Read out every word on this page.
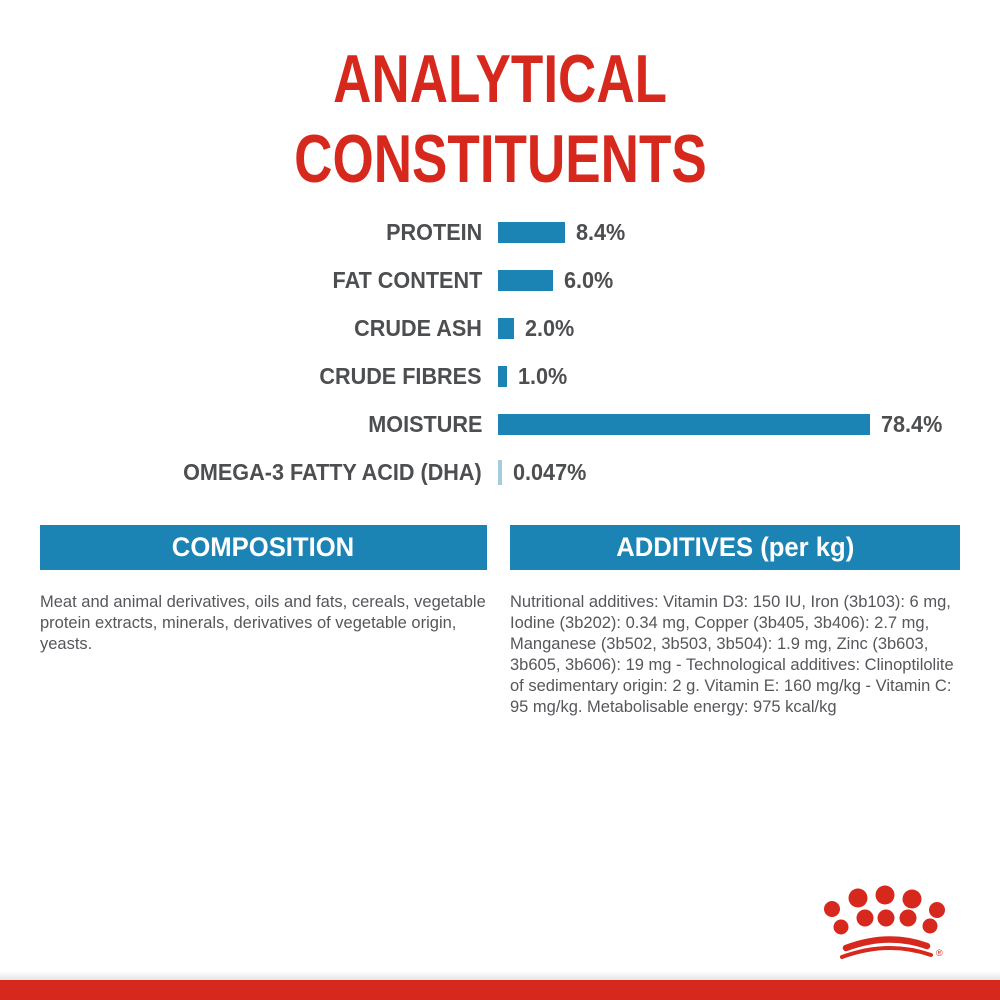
ANALYTICAL
CONSTITUENTS
PROTEIN	8.4%
FAT CONTENT	6.0%
CRUDE ASH 2.0%
CRUDE FIBRES 1.0%
MOISTURE	78.4%
OMEGA-3 FATTY ACID (DHA) 0.047%
COMPOSITION
Meat and animal derivatives, oils and fats, cereals, vegetable protein extracts, minerals, derivatives of vegetable origin, yeasts.
ADDITIVES (per kg)
Nutritional additives: Vitamin D3: 150 IU, Iron (3b103): 6 mg, Iodine (3b202): 0.34 mg, Copper (3b405, 3b406): 2.7 mg, Manganese (3b502, 3b503, 3b504): 1.9 mg, Zinc (3b603, 3b605, 3b606): 19 mg - Technological additives: Clinoptilolite of sedimentary origin: 2 g. Vitamin E: 160 mg/kg - Vitamin C: 95 mg/kg. Metabolisable energy: 975 kcal/kg
®
